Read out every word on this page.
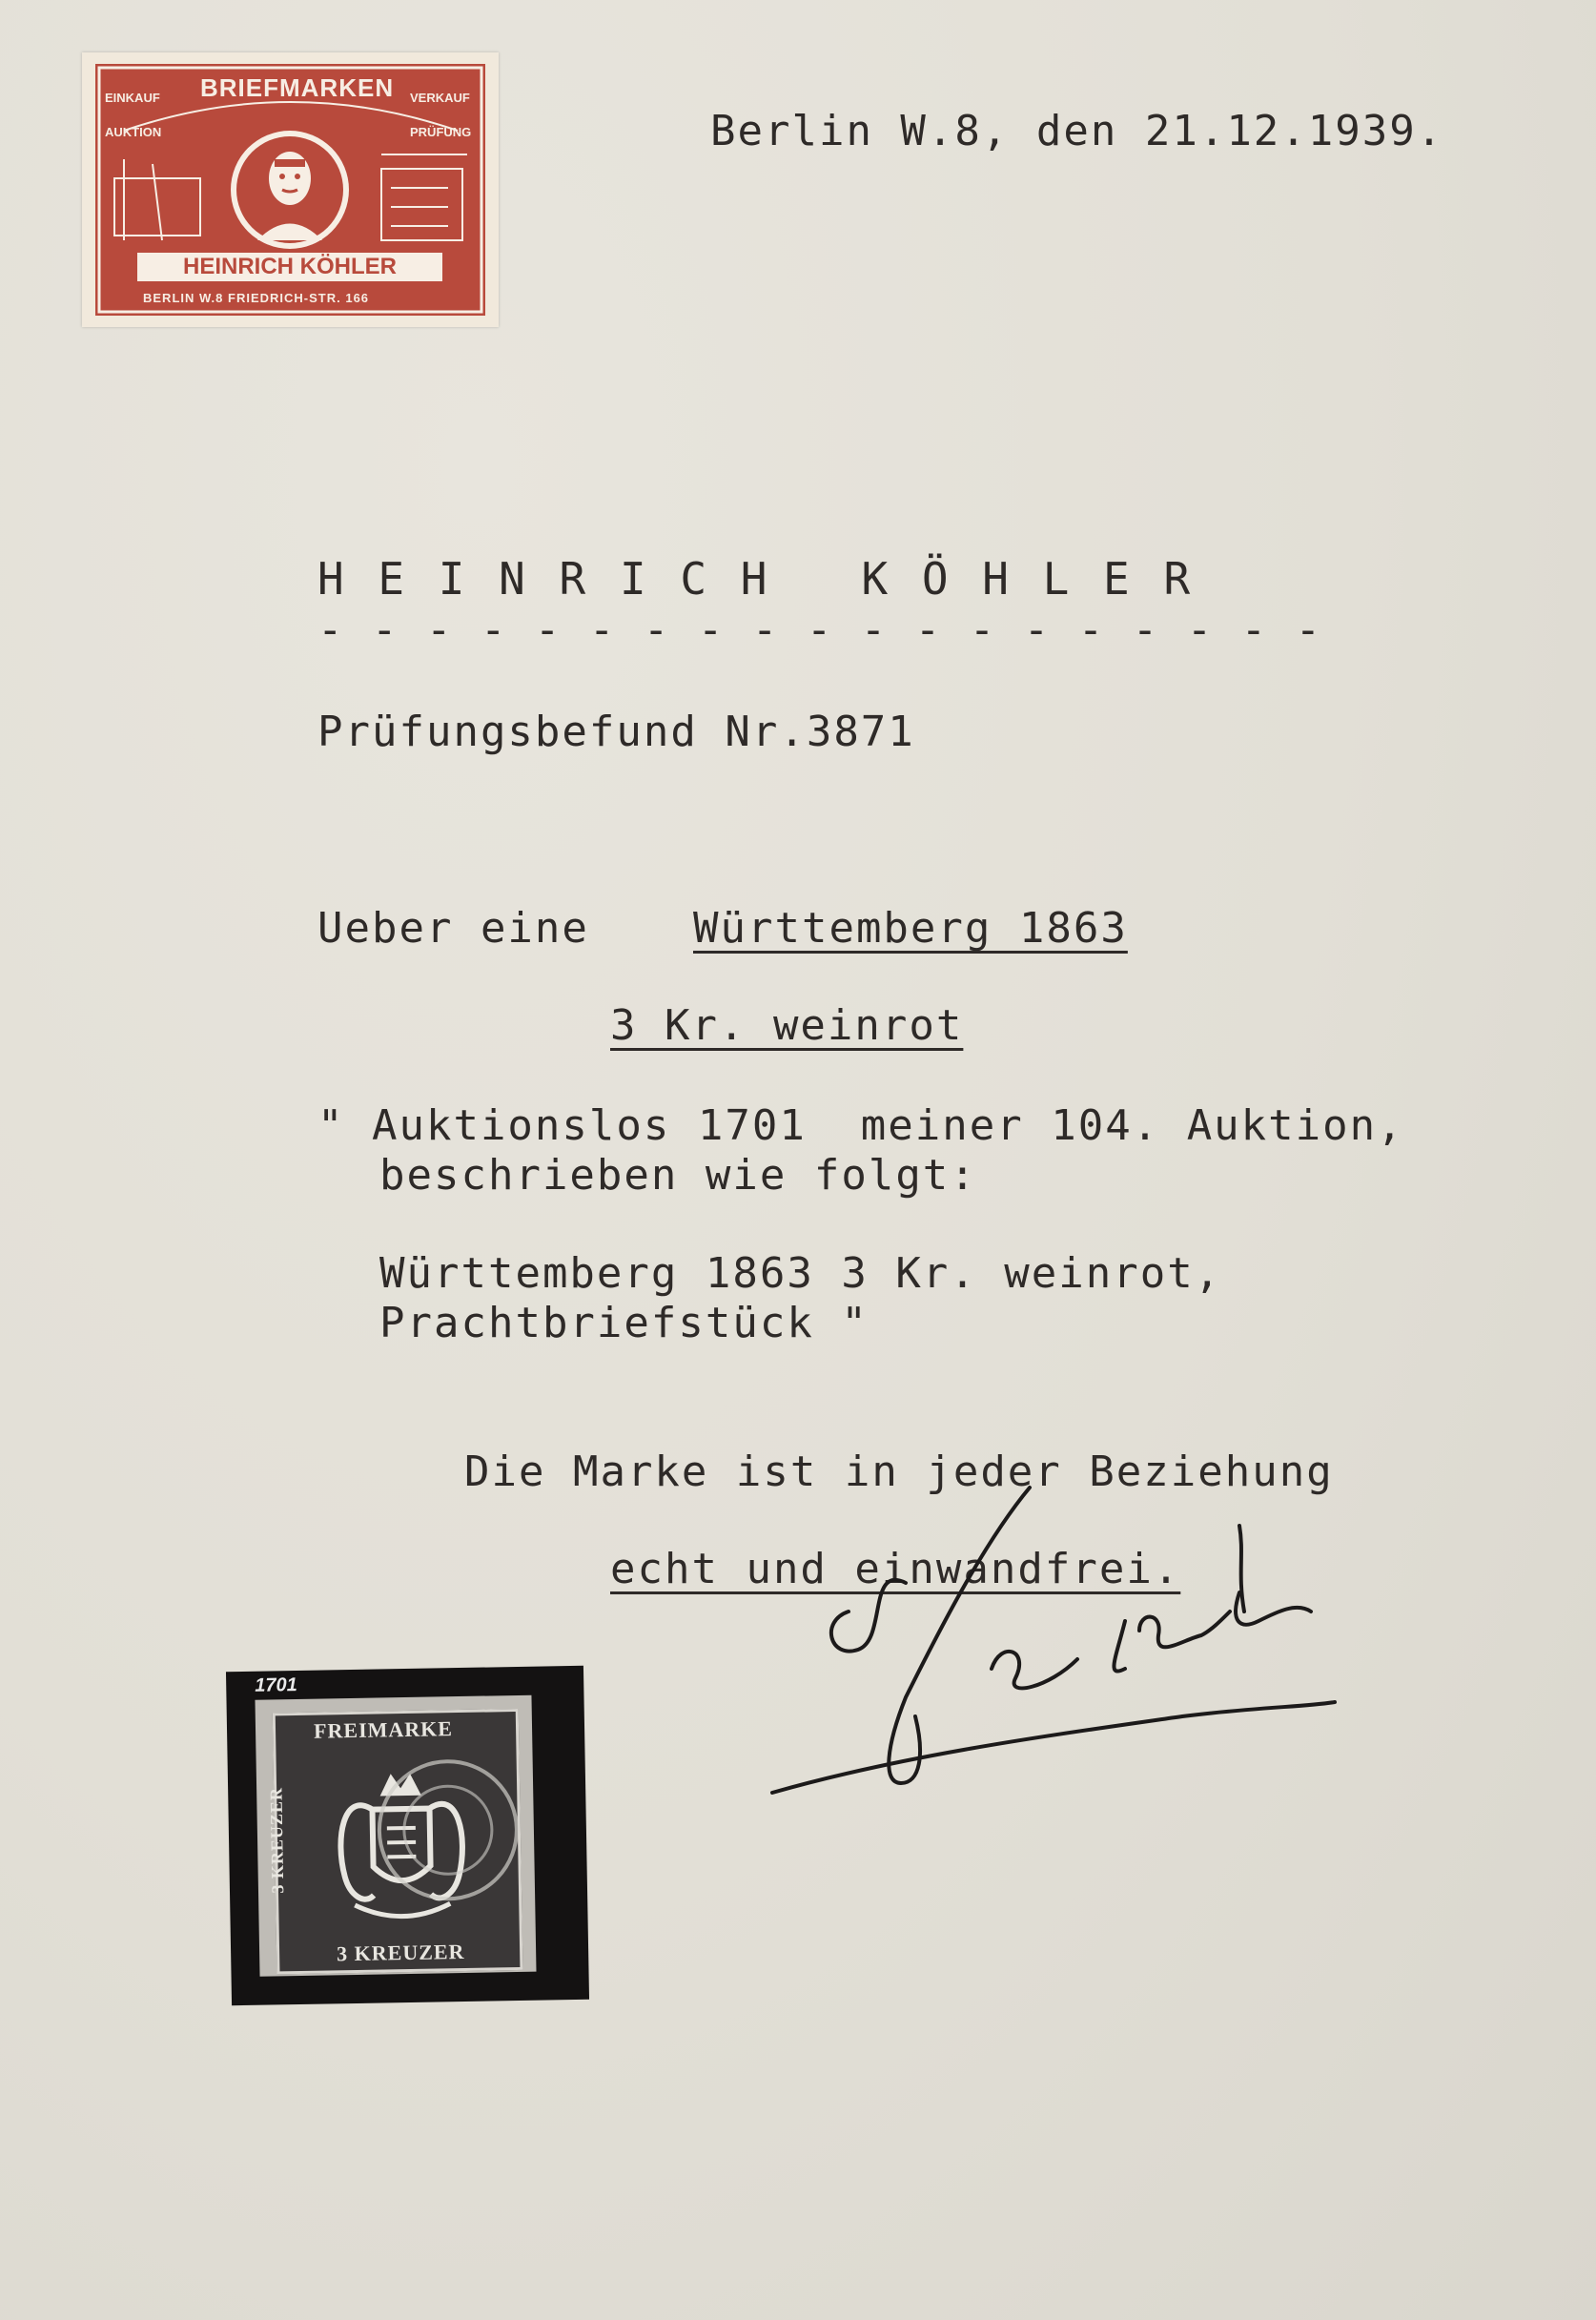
BRIEFMARKEN
EINKAUF
AUKTION
VERKAUF
PRÜFUNG
HEINRICH KÖHLER
BERLIN W.8 FRIEDRICH-STR. 166
Berlin W.8, den 21.12.1939.
H E I N R I C H   K Ö H L E R
- - - - - - - - - - - - - - - - - - -
Prüfungsbefund Nr.3871
Ueber eine Württemberg 1863
3 Kr. weinrot
" Auktionslos 1701  meiner 104. Auktion,
beschrieben wie folgt:
Württemberg 1863 3 Kr. weinrot,
Prachtbriefstück "
Die Marke ist in jeder Beziehung
echt und einwandfrei.
1701
FREIMARKE
3 KREUZER
3 KREUZER
